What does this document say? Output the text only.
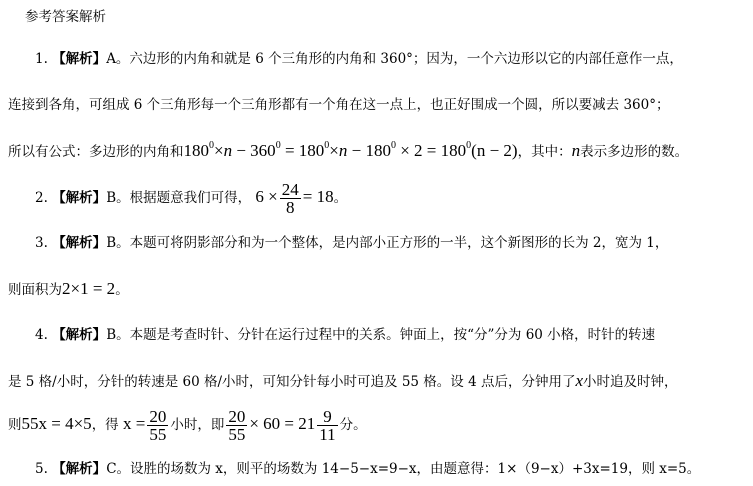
参考答案解析
1. 【解析】A。六边形的内角和就是 6 个三角形的内角和 360°；因为，一个六边形以它的内部任意作一点，
连接到各角，可组成 6 个三角形每一个三角形都有一个角在这一点上，也正好围成一个圆，所以要减去 360°；
所以有公式：多边形的内角和$180^0\times n - 360^0 = 180^0\times n - 180^0 \times 2 = 180^0(n - 2)$，其中：n表示多边形的数。
2. 【解析】B。根据题意我们可得， $6 \times \frac{24}{8} = 18$。
3. 【解析】B。本题可将阴影部分和为一个整体，是内部小正方形的一半，这个新图形的长为 2，宽为 1，
则面积为2×1 = 2。
4. 【解析】B。本题是考查时针、分针在运行过程中的关系。钟面上，按“分”分为 60 小格，时针的转速
是 5 格/小时，分针的转速是 60 格/小时，可知分针每小时可追及 55 格。设 4 点后，分钟用了x小时追及时钟，
则55x = 4×5，得 $x = \frac{20}{55}$ 小时，即 $\frac{20}{55} \times 60 = 21 \frac{9}{11}$ 分。
5. 【解析】C。设胜的场数为 x，则平的场数为 14−5−x=9−x，由题意得：1×（9−x）+3x=19，则 x=5。
